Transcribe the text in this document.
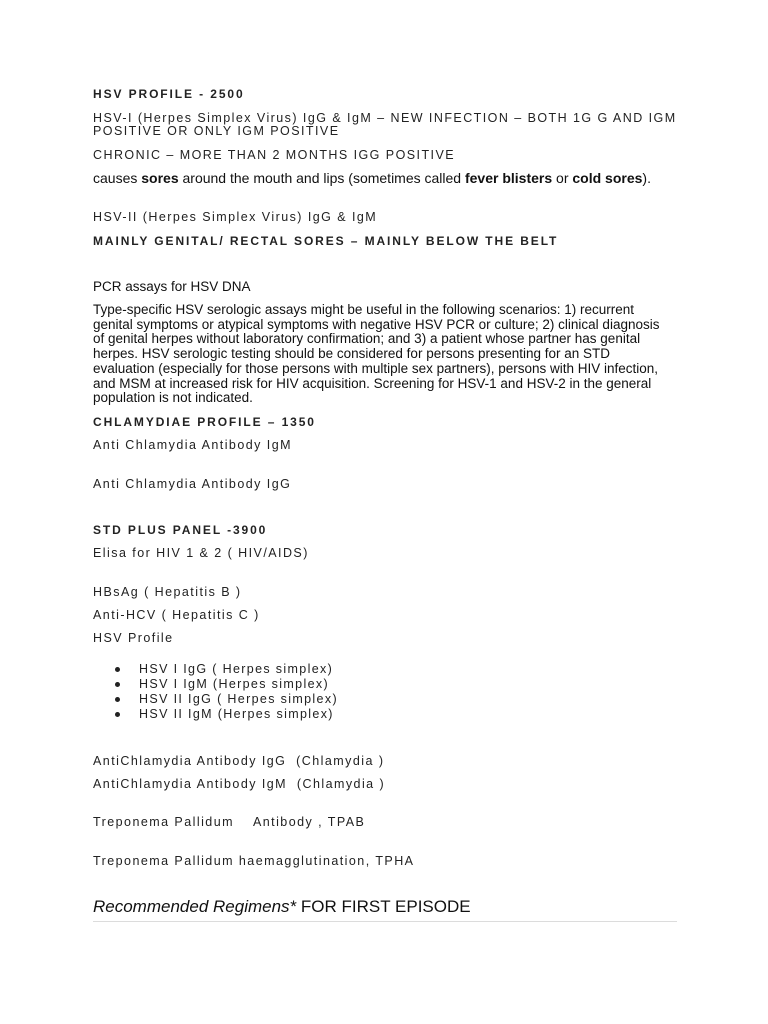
HSV PROFILE - 2500
HSV-I (Herpes Simplex Virus) IgG & IgM – NEW INFECTION – BOTH 1G G AND IGM
POSITIVE OR ONLY IGM POSITIVE
CHRONIC – MORE THAN 2 MONTHS IGG POSITIVE
causes sores around the mouth and lips (sometimes called fever blisters or cold sores).
HSV-II (Herpes Simplex Virus) IgG & IgM
MAINLY GENITAL/ RECTAL SORES – MAINLY BELOW THE BELT
PCR assays for HSV DNA
Type-specific HSV serologic assays might be useful in the following scenarios: 1) recurrent
genital symptoms or atypical symptoms with negative HSV PCR or culture; 2) clinical diagnosis
of genital herpes without laboratory confirmation; and 3) a patient whose partner has genital
herpes. HSV serologic testing should be considered for persons presenting for an STD
evaluation (especially for those persons with multiple sex partners), persons with HIV infection,
and MSM at increased risk for HIV acquisition. Screening for HSV-1 and HSV-2 in the general
population is not indicated.
CHLAMYDIAE PROFILE – 1350
Anti Chlamydia Antibody IgM
Anti Chlamydia Antibody IgG
STD PLUS PANEL -3900
Elisa for HIV 1 & 2 ( HIV/AIDS)
HBsAg ( Hepatitis B )
Anti-HCV ( Hepatitis C )
HSV Profile
HSV I IgG ( Herpes simplex)
HSV I IgM (Herpes simplex)
HSV II IgG ( Herpes simplex)
HSV II IgM (Herpes simplex)
AntiChlamydia Antibody IgG  (Chlamydia )
AntiChlamydia Antibody IgM  (Chlamydia )
Treponema Pallidum    Antibody , TPAB
Treponema Pallidum haemagglutination, TPHA
Recommended Regimens* FOR FIRST EPISODE
